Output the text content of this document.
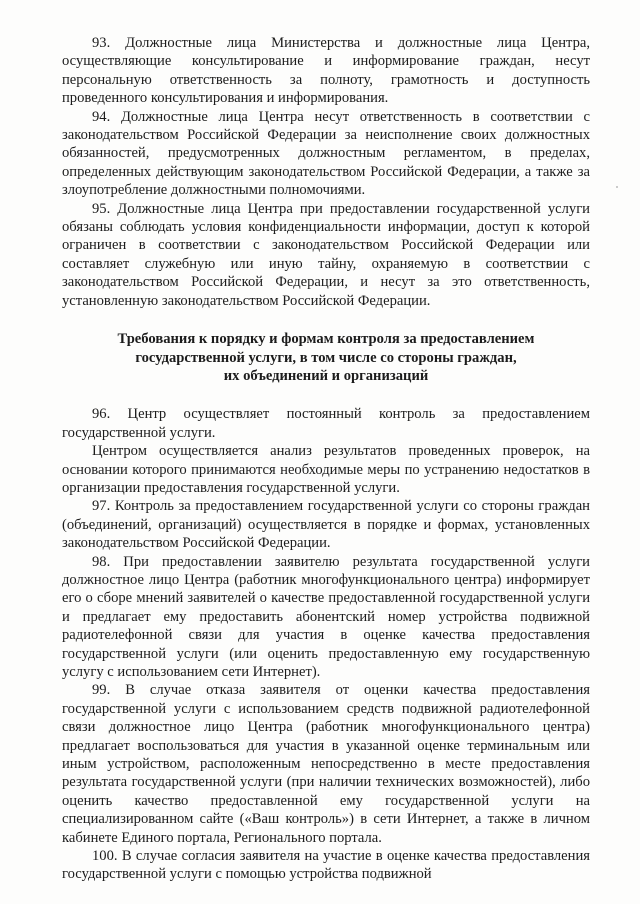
93. Должностные лица Министерства и должностные лица Центра, осуществляющие консультирование и информирование граждан, несут персональную ответственность за полноту, грамотность и доступность проведенного консультирования и информирования.

94. Должностные лица Центра несут ответственность в соответствии с законодательством Российской Федерации за неисполнение своих должностных обязанностей, предусмотренных должностным регламентом, в пределах, определенных действующим законодательством Российской Федерации, а также за злоупотребление должностными полномочиями.

95. Должностные лица Центра при предоставлении государственной услуги обязаны соблюдать условия конфиденциальности информации, доступ к которой ограничен в соответствии с законодательством Российской Федерации или составляет служебную или иную тайну, охраняемую в соответствии с законодательством Российской Федерации, и несут за это ответственность, установленную законодательством Российской Федерации.

Требования к порядку и формам контроля за предоставлением
государственной услуги, в том числе со стороны граждан,
их объединений и организаций

96. Центр осуществляет постоянный контроль за предоставлением государственной услуги.

Центром осуществляется анализ результатов проведенных проверок, на основании которого принимаются необходимые меры по устранению недостатков в организации предоставления государственной услуги.

97. Контроль за предоставлением государственной услуги со стороны граждан (объединений, организаций) осуществляется в порядке и формах, установленных законодательством Российской Федерации.

98. При предоставлении заявителю результата государственной услуги должностное лицо Центра (работник многофункционального центра) информирует его о сборе мнений заявителей о качестве предоставленной государственной услуги и предлагает ему предоставить абонентский номер устройства подвижной радиотелефонной связи для участия в оценке качества предоставления государственной услуги (или оценить предоставленную ему государственную услугу с использованием сети Интернет).

99. В случае отказа заявителя от оценки качества предоставления государственной услуги с использованием средств подвижной радиотелефонной связи должностное лицо Центра (работник многофункционального центра) предлагает воспользоваться для участия в указанной оценке терминальным или иным устройством, расположенным непосредственно в месте предоставления результата государственной услуги (при наличии технических возможностей), либо оценить качество предоставленной ему государственной услуги на специализированном сайте («Ваш контроль») в сети Интернет, а также в личном кабинете Единого портала, Регионального портала.

100. В случае согласия заявителя на участие в оценке качества предоставления государственной услуги с помощью устройства подвижной
